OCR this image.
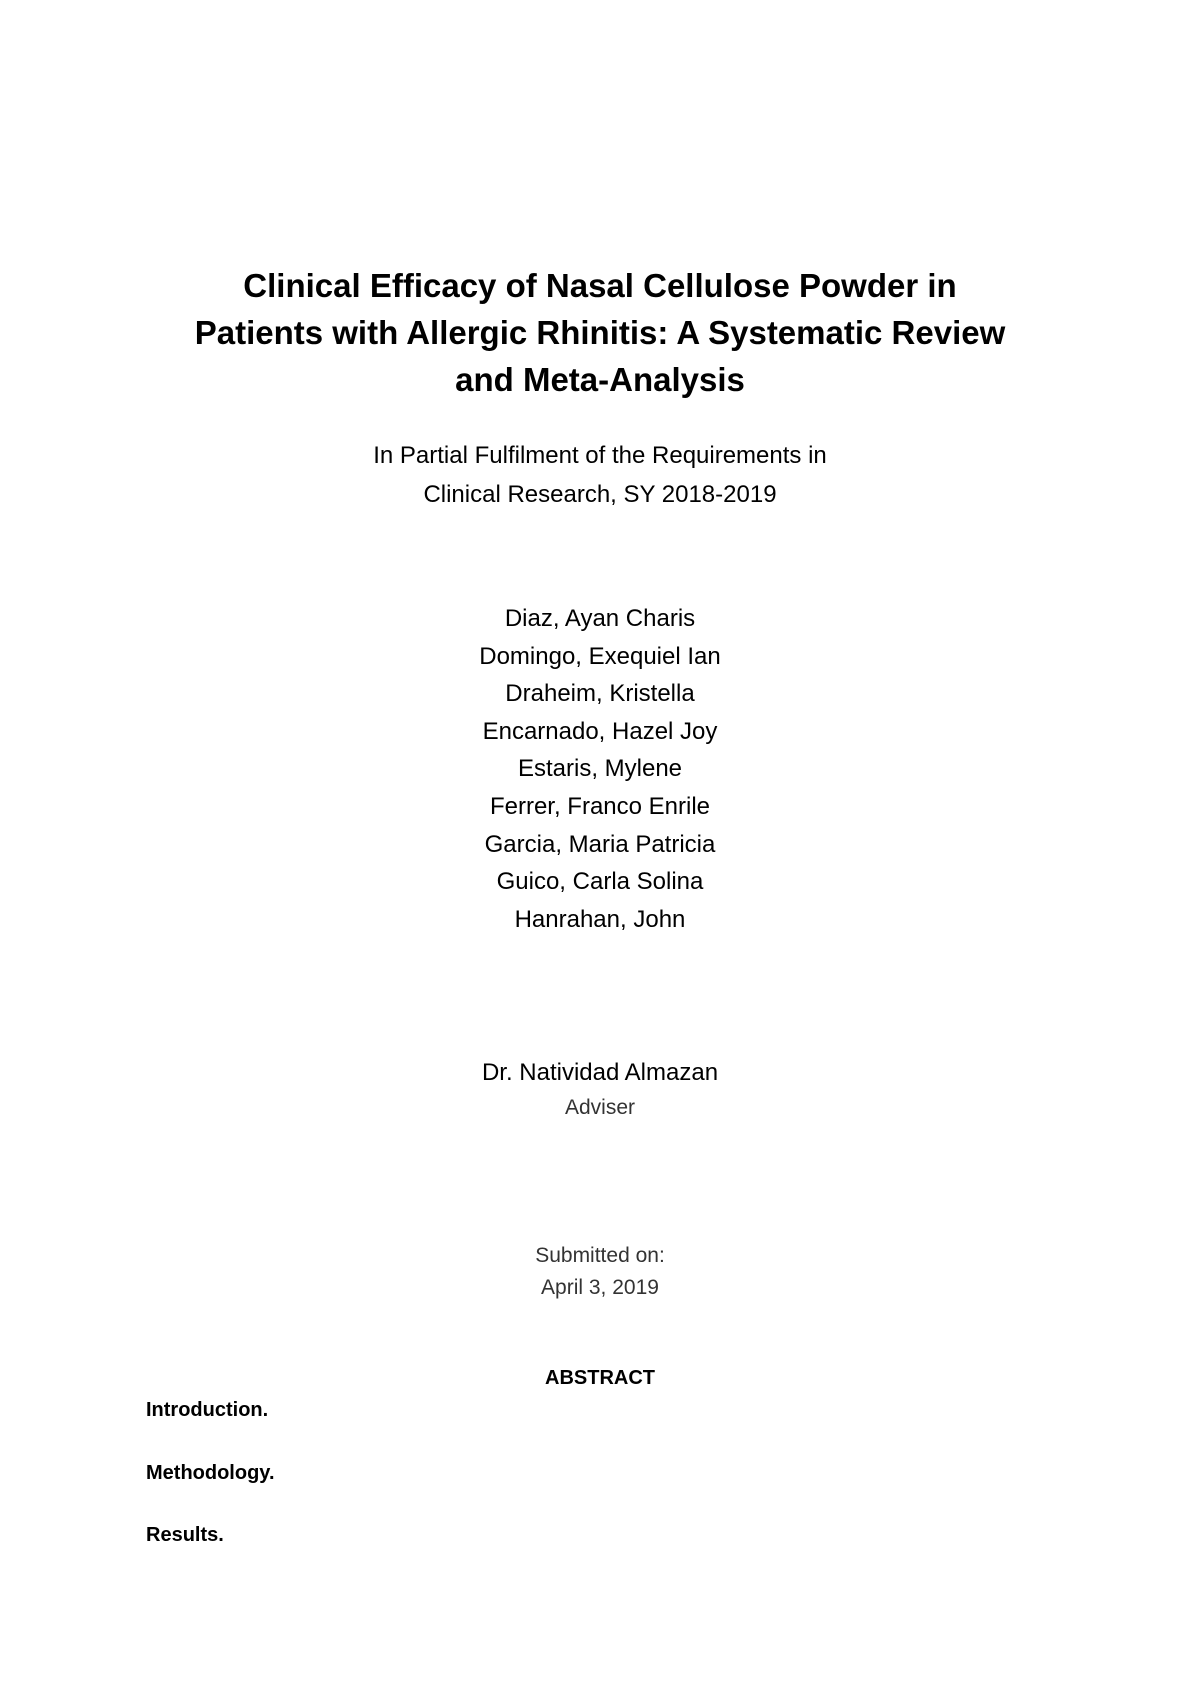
Clinical Efficacy of Nasal Cellulose Powder in
Patients with Allergic Rhinitis: A Systematic Review
and Meta-Analysis
In Partial Fulfilment of the Requirements in
Clinical Research, SY 2018-2019
Diaz, Ayan Charis
Domingo, Exequiel Ian
Draheim, Kristella
Encarnado, Hazel Joy
Estaris, Mylene
Ferrer, Franco Enrile
Garcia, Maria Patricia
Guico, Carla Solina
Hanrahan, John
Dr. Natividad Almazan
Adviser
Submitted on:
April 3, 2019
ABSTRACT
Introduction.
Methodology.
Results.
